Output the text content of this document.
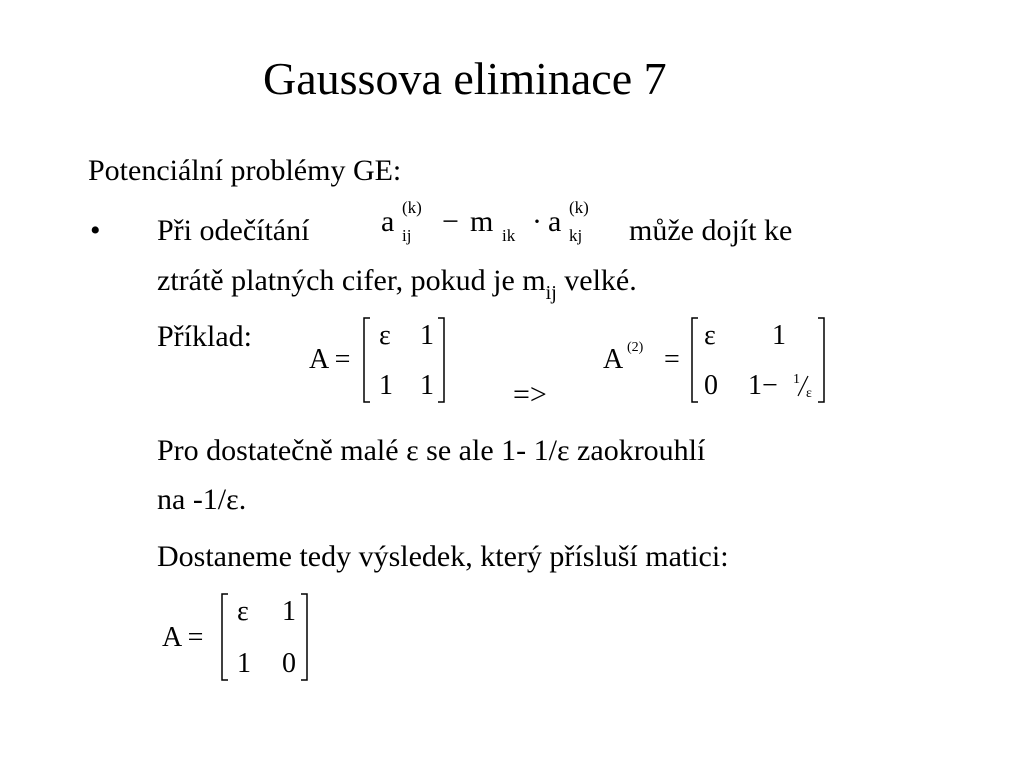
Gaussova eliminace 7
Potenciální problémy GE:
• Při odečítání a (k)
ij − m ik · a (k)
kj může dojít ke
ztrátě platných cifer, pokud je $m_{ij}$ velké.
Příklad:
A =
ε 1
1 1	=>
A (2) =
ε 1
0 1− 1
ε
Pro dostatečně malé ε se ale 1- 1/ε zaokrouhlí
na -1/ε.
Dostaneme tedy výsledek, který přísluší matici:
A =
ε 1
1 0
